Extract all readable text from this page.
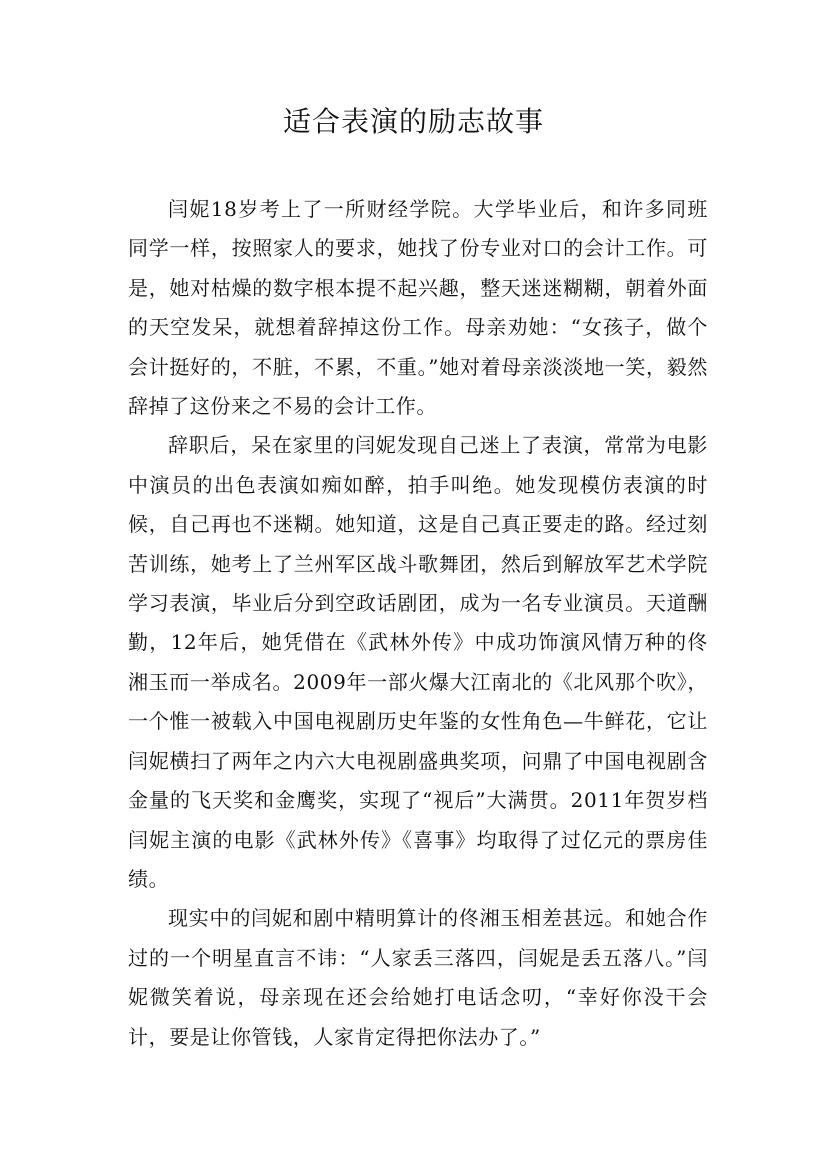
适合表演的励志故事

闫妮18岁考上了一所财经学院。大学毕业后，和许多同班同学一样，按照家人的要求，她找了份专业对口的会计工作。可是，她对枯燥的数字根本提不起兴趣，整天迷迷糊糊，朝着外面的天空发呆，就想着辞掉这份工作。母亲劝她：“女孩子，做个会计挺好的，不脏，不累，不重。”她对着母亲淡淡地一笑，毅然辞掉了这份来之不易的会计工作。

辞职后，呆在家里的闫妮发现自己迷上了表演，常常为电影中演员的出色表演如痴如醉，拍手叫绝。她发现模仿表演的时候，自己再也不迷糊。她知道，这是自己真正要走的路。经过刻苦训练，她考上了兰州军区战斗歌舞团，然后到解放军艺术学院学习表演，毕业后分到空政话剧团，成为一名专业演员。天道酬勤，12年后，她凭借在《武林外传》中成功饰演风情万种的佟湘玉而一举成名。2009年一部火爆大江南北的《北风那个吹》，一个惟一被载入中国电视剧历史年鉴的女性角色—牛鲜花，它让闫妮横扫了两年之内六大电视剧盛典奖项，问鼎了中国电视剧含金量的飞天奖和金鹰奖，实现了“视后”大满贯。2011年贺岁档闫妮主演的电影《武林外传》《喜事》均取得了过亿元的票房佳绩。

现实中的闫妮和剧中精明算计的佟湘玉相差甚远。和她合作过的一个明星直言不讳：“人家丢三落四，闫妮是丢五落八。”闫妮微笑着说，母亲现在还会给她打电话念叨，“幸好你没干会计，要是让你管钱，人家肯定得把你法办了。”
